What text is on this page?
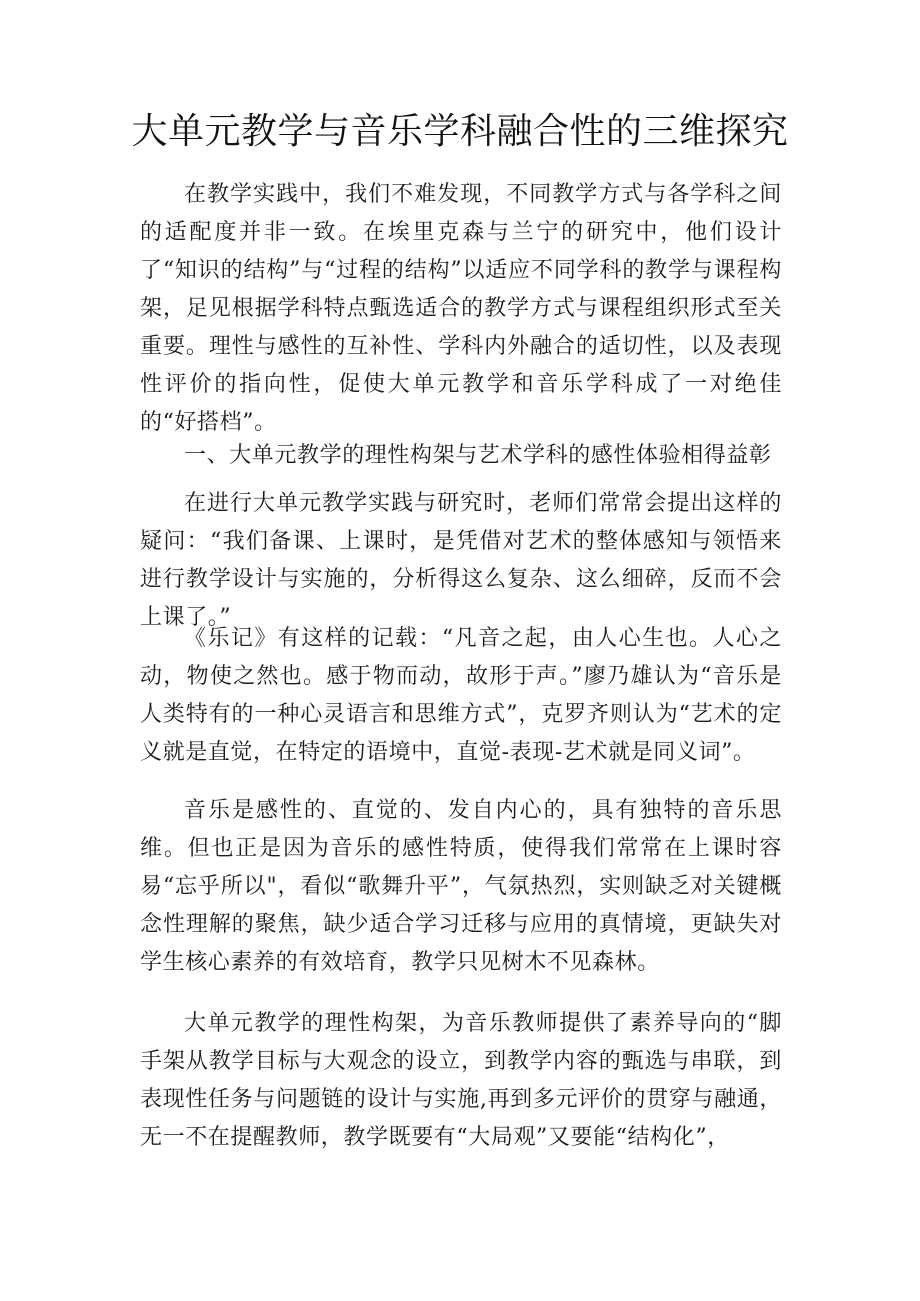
大单元教学与音乐学科融合性的三维探究

在教学实践中，我们不难发现，不同教学方式与各学科之间的适配度并非一致。在埃里克森与兰宁的研究中，他们设计了“知识的结构”与“过程的结构”以适应不同学科的教学与课程构架，足见根据学科特点甄选适合的教学方式与课程组织形式至关重要。理性与感性的互补性、学科内外融合的适切性，以及表现性评价的指向性，促使大单元教学和音乐学科成了一对绝佳的“好搭档”。

一、大单元教学的理性构架与艺术学科的感性体验相得益彰

在进行大单元教学实践与研究时，老师们常常会提出这样的疑问：“我们备课、上课时，是凭借对艺术的整体感知与领悟来进行教学设计与实施的，分析得这么复杂、这么细碎，反而不会上课了。”

《乐记》有这样的记载：“凡音之起，由人心生也。人心之动，物使之然也。感于物而动，故形于声。”廖乃雄认为“音乐是人类特有的一种心灵语言和思维方式”，克罗齐则认为“艺术的定义就是直觉，在特定的语境中，直觉-表现-艺术就是同义词”。

音乐是感性的、直觉的、发自内心的，具有独特的音乐思维。但也正是因为音乐的感性特质，使得我们常常在上课时容易“忘乎所以"，看似“歌舞升平”，气氛热烈，实则缺乏对关键概念性理解的聚焦，缺少适合学习迁移与应用的真情境，更缺失对学生核心素养的有效培育，教学只见树木不见森林。

大单元教学的理性构架，为音乐教师提供了素养导向的“脚手架从教学目标与大观念的设立，到教学内容的甄选与串联，到表现性任务与问题链的设计与实施,再到多元评价的贯穿与融通，无一不在提醒教师，教学既要有“大局观”又要能“结构化”，
